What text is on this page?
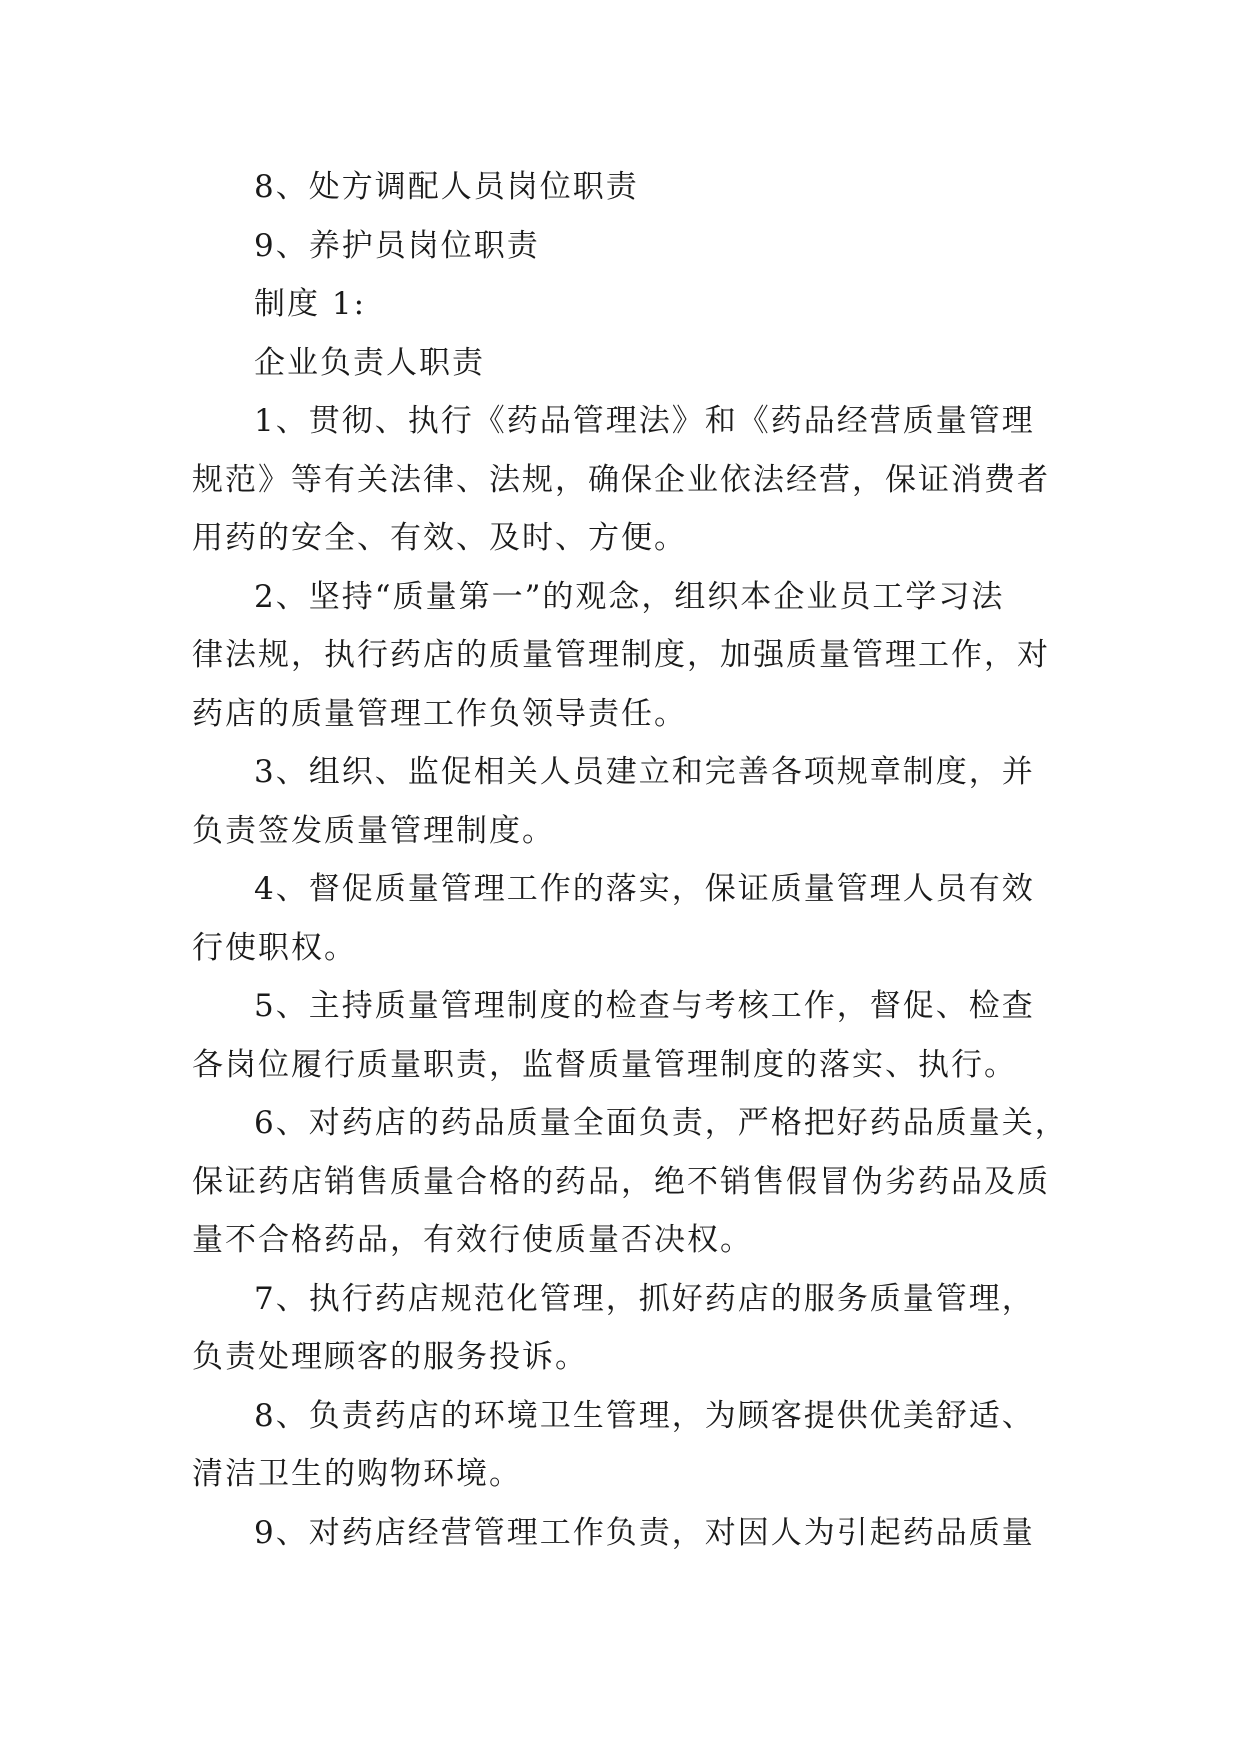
8、处方调配人员岗位职责
9、养护员岗位职责
制度 1:
企业负责人职责
1、贯彻、执行《药品管理法》和《药品经营质量管理
规范》等有关法律、法规，确保企业依法经营，保证消费者
用药的安全、有效、及时、方便。
2、坚持“质量第一”的观念，组织本企业员工学习法
律法规，执行药店的质量管理制度，加强质量管理工作，对
药店的质量管理工作负领导责任。
3、组织、监促相关人员建立和完善各项规章制度，并
负责签发质量管理制度。
4、督促质量管理工作的落实，保证质量管理人员有效
行使职权。
5、主持质量管理制度的检查与考核工作，督促、检查
各岗位履行质量职责，监督质量管理制度的落实、执行。
6、对药店的药品质量全面负责，严格把好药品质量关，
保证药店销售质量合格的药品，绝不销售假冒伪劣药品及质
量不合格药品，有效行使质量否决权。
7、执行药店规范化管理，抓好药店的服务质量管理，
负责处理顾客的服务投诉。
8、负责药店的环境卫生管理，为顾客提供优美舒适、
清洁卫生的购物环境。
9、对药店经营管理工作负责，对因人为引起药品质量
